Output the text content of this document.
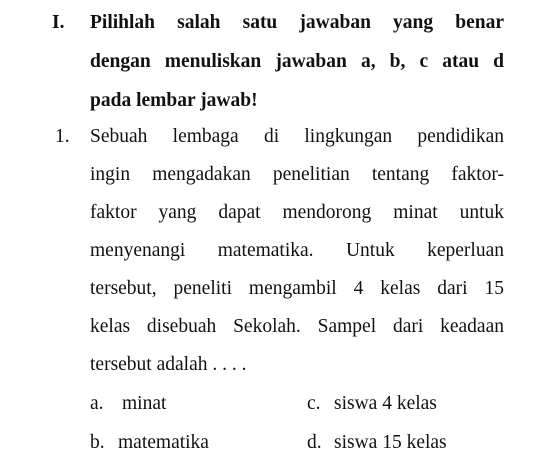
I. Pilihlah salah satu jawaban yang benar
dengan menuliskan jawaban a, b, c atau d
pada lembar jawab!
1. Sebuah lembaga di lingkungan pendidikan
ingin mengadakan penelitian tentang faktor-
faktor yang dapat mendorong minat untuk
menyenangi matematika. Untuk keperluan
tersebut, peneliti mengambil 4 kelas dari 15
kelas disebuah Sekolah. Sampel dari keadaan
tersebut adalah . . . .
a. minat
b. matematika
c. siswa 4 kelas
d. siswa 15 kelas
